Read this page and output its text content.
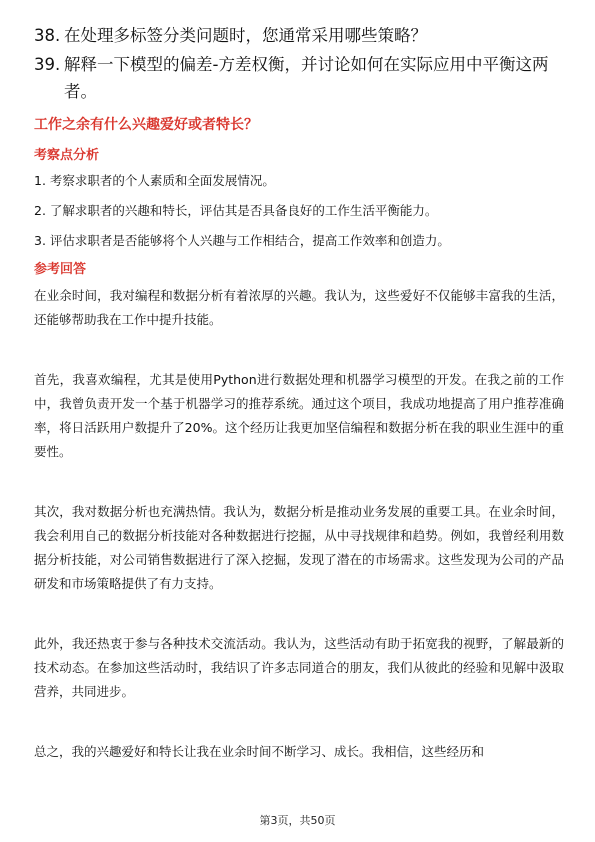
38. 在处理多标签分类问题时，您通常采用哪些策略？
39. 解释一下模型的偏差-方差权衡，并讨论如何在实际应用中平衡这两者。
工作之余有什么兴趣爱好或者特长？
考察点分析
1. 考察求职者的个人素质和全面发展情况。
2. 了解求职者的兴趣和特长，评估其是否具备良好的工作生活平衡能力。
3. 评估求职者是否能够将个人兴趣与工作相结合，提高工作效率和创造力。
参考回答

在业余时间，我对编程和数据分析有着浓厚的兴趣。我认为，这些爱好不仅能够丰富我的生活，还能够帮助我在工作中提升技能。

首先，我喜欢编程，尤其是使用Python进行数据处理和机器学习模型的开发。在我之前的工作中，我曾负责开发一个基于机器学习的推荐系统。通过这个项目，我成功地提高了用户推荐准确率，将日活跃用户数提升了20%。这个经历让我更加坚信编程和数据分析在我的职业生涯中的重要性。

其次，我对数据分析也充满热情。我认为，数据分析是推动业务发展的重要工具。在业余时间，我会利用自己的数据分析技能对各种数据进行挖掘，从中寻找规律和趋势。例如，我曾经利用数据分析技能，对公司销售数据进行了深入挖掘，发现了潜在的市场需求。这些发现为公司的产品研发和市场策略提供了有力支持。

此外，我还热衷于参与各种技术交流活动。我认为，这些活动有助于拓宽我的视野，了解最新的技术动态。在参加这些活动时，我结识了许多志同道合的朋友，我们从彼此的经验和见解中汲取营养，共同进步。

总之，我的兴趣爱好和特长让我在业余时间不断学习、成长。我相信，这些经历和

第3页，共50页
